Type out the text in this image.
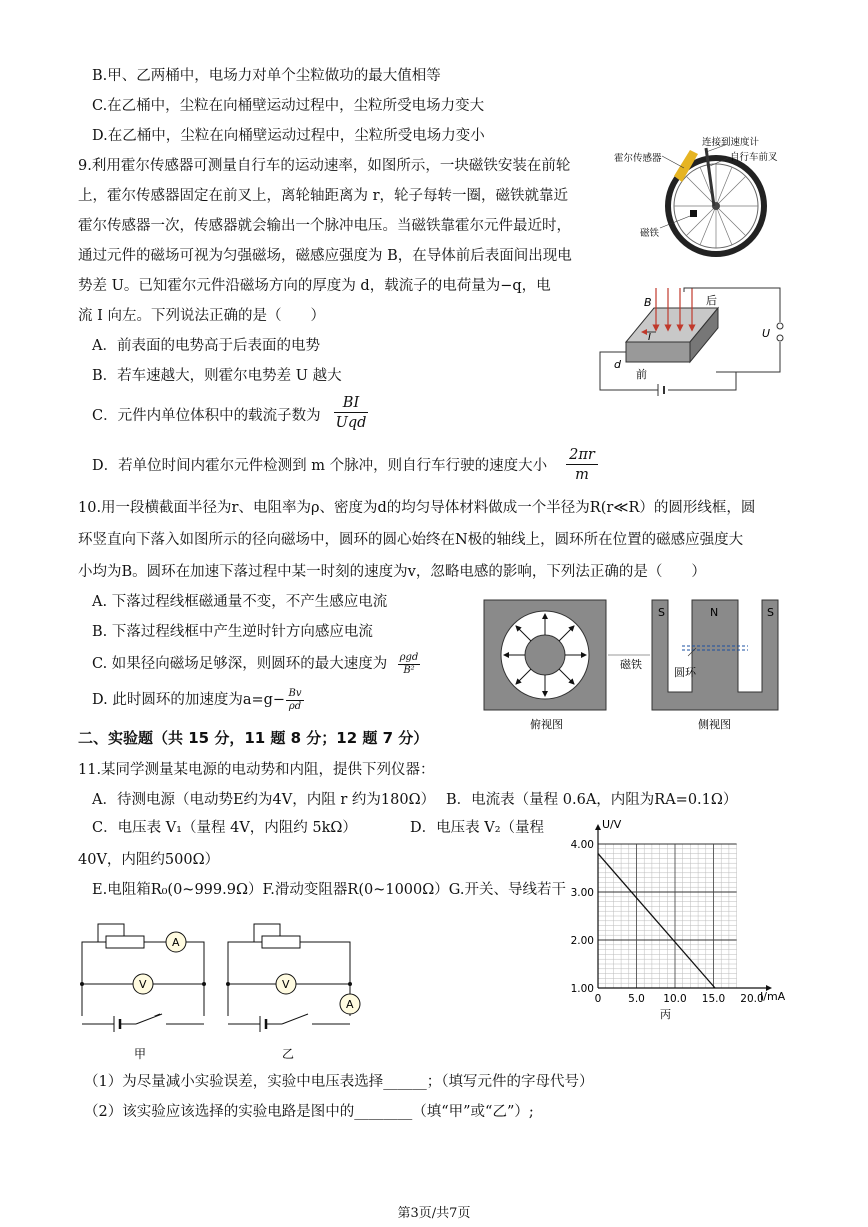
B.甲、乙两桶中，电场力对单个尘粒做功的最大值相等
C.在乙桶中，尘粒在向桶壁运动过程中，尘粒所受电场力变大
D.在乙桶中，尘粒在向桶壁运动过程中，尘粒所受电场力变小
9.利用霍尔传感器可测量自行车的运动速率，如图所示，一块磁铁安装在前轮
上，霍尔传感器固定在前叉上，离轮轴距离为 r，轮子每转一圈，磁铁就靠近
霍尔传感器一次，传感器就会输出一个脉冲电压。当磁铁靠霍尔元件最近时，
通过元件的磁场可视为匀强磁场，磁感应强度为 B，在导体前后表面间出现电
势差 U。已知霍尔元件沿磁场方向的厚度为 d，载流子的电荷量为−q，电
流 I 向左。下列说法正确的是（　　）
A．前表面的电势高于后表面的电势
B．若车速越大，则霍尔电势差 U 越大
C．元件内单位体积中的载流子数为
BI
Uqd
D．若单位时间内霍尔元件检测到 m 个脉冲，则自行车行驶的速度大小
2πr
m
霍尔传感器
连接到速度计
自行车前叉
磁铁
B	后
前
I	U
d
10.用一段横截面半径为r、电阻率为ρ、密度为d的均匀导体材料做成一个半径为R(r≪R）的圆形线框，圆
环竖直向下落入如图所示的径向磁场中，圆环的圆心始终在N极的轴线上，圆环所在位置的磁感应强度大
小均为B。圆环在加速下落过程中某一时刻的速度为v，忽略电感的影响，下列法正确的是（　　）
A. 下落过程线框磁通量不变，不产生感应电流
B. 下落过程线框中产生逆时针方向感应电流
C. 如果径向磁场足够深，则圆环的最大速度为 ρgd
B²
D. 此时圆环的加速度为a=g− Bv
ρd
俯视图
S	N	S
磁铁
圆环
侧视图
二、实验题（共 15 分，11 题 8 分；12 题 7 分）
11.某同学测量某电源的电动势和内阻，提供下列仪器：
A．待测电源（电动势E约为4V，内阻 r 约为180Ω） B．电流表（量程 0.6A，内阻为RA=0.1Ω）
C．电压表 V₁（量程 4V，内阻约 5kΩ）	D．电压表 V₂（量程
40V，内阻约500Ω）
E.电阻箱R₀(0~999.9Ω）F.滑动变阻器R(0~1000Ω）G.开关、导线若干
A
V
甲
V
A
乙
0	5.0 10.0 15.0 20.0
1.00
2.00
3.00
4.00
U/V
I/mA
丙
（1）为尽量减小实验误差，实验中电压表选择______；（填写元件的字母代号）
（2）该实验应该选择的实验电路是图中的________（填“甲”或“乙”）;
第3页/共7页
